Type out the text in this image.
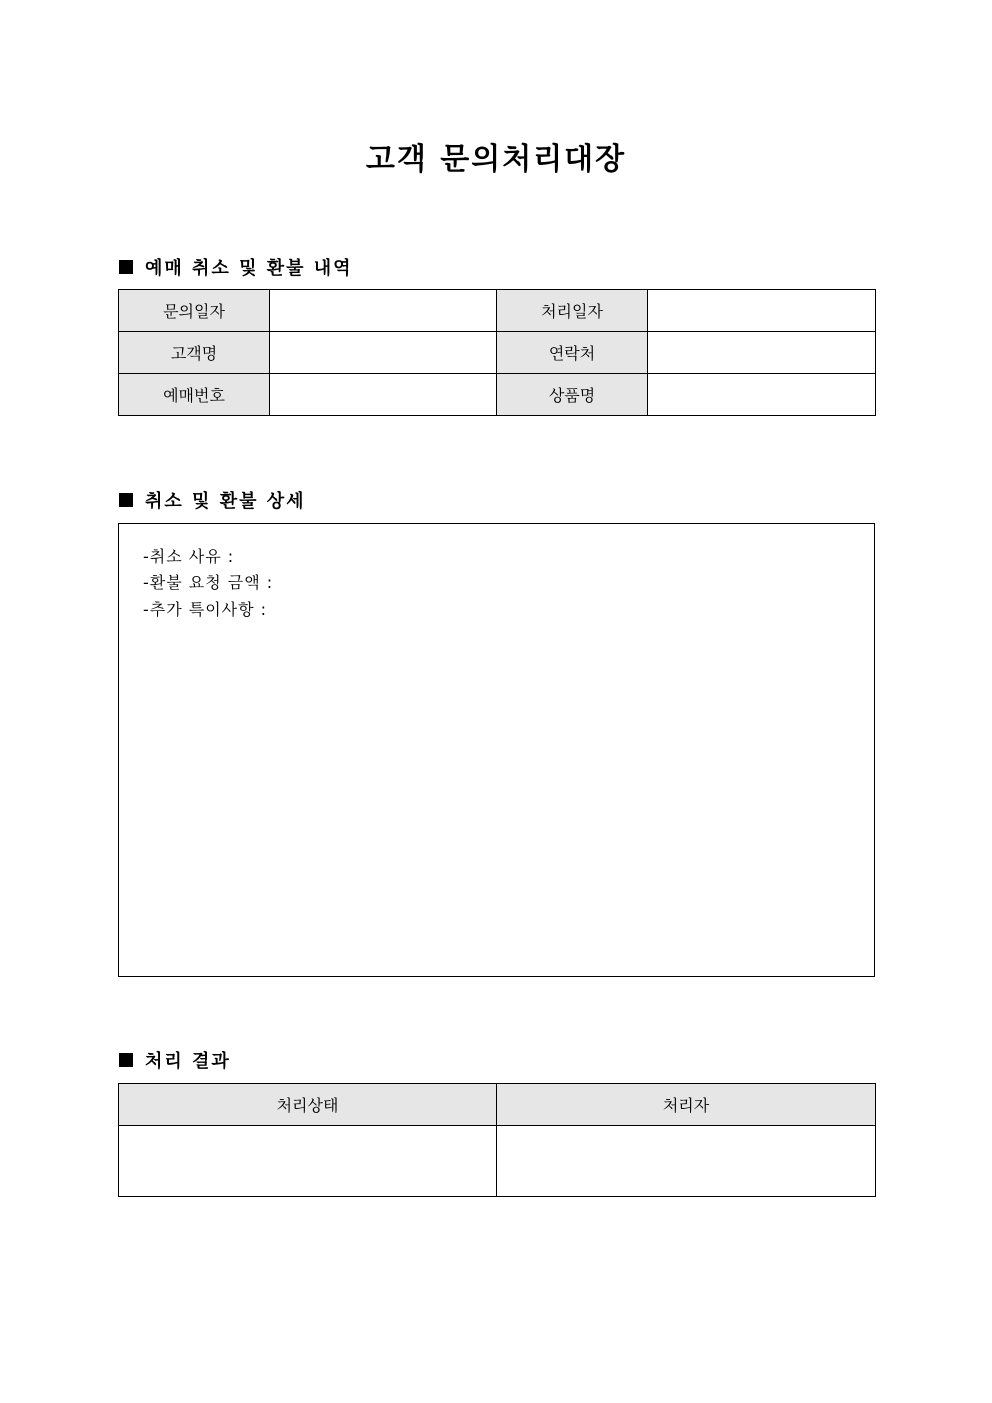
고객 문의처리대장
예매 취소 및 환불 내역
문의일자		처리일자	
고객명		연락처	
예매번호		상품명	
취소 및 환불 상세
-취소 사유 :
-환불 요청 금액 :
-추가 특이사항 :
처리 결과
처리상태	처리자
